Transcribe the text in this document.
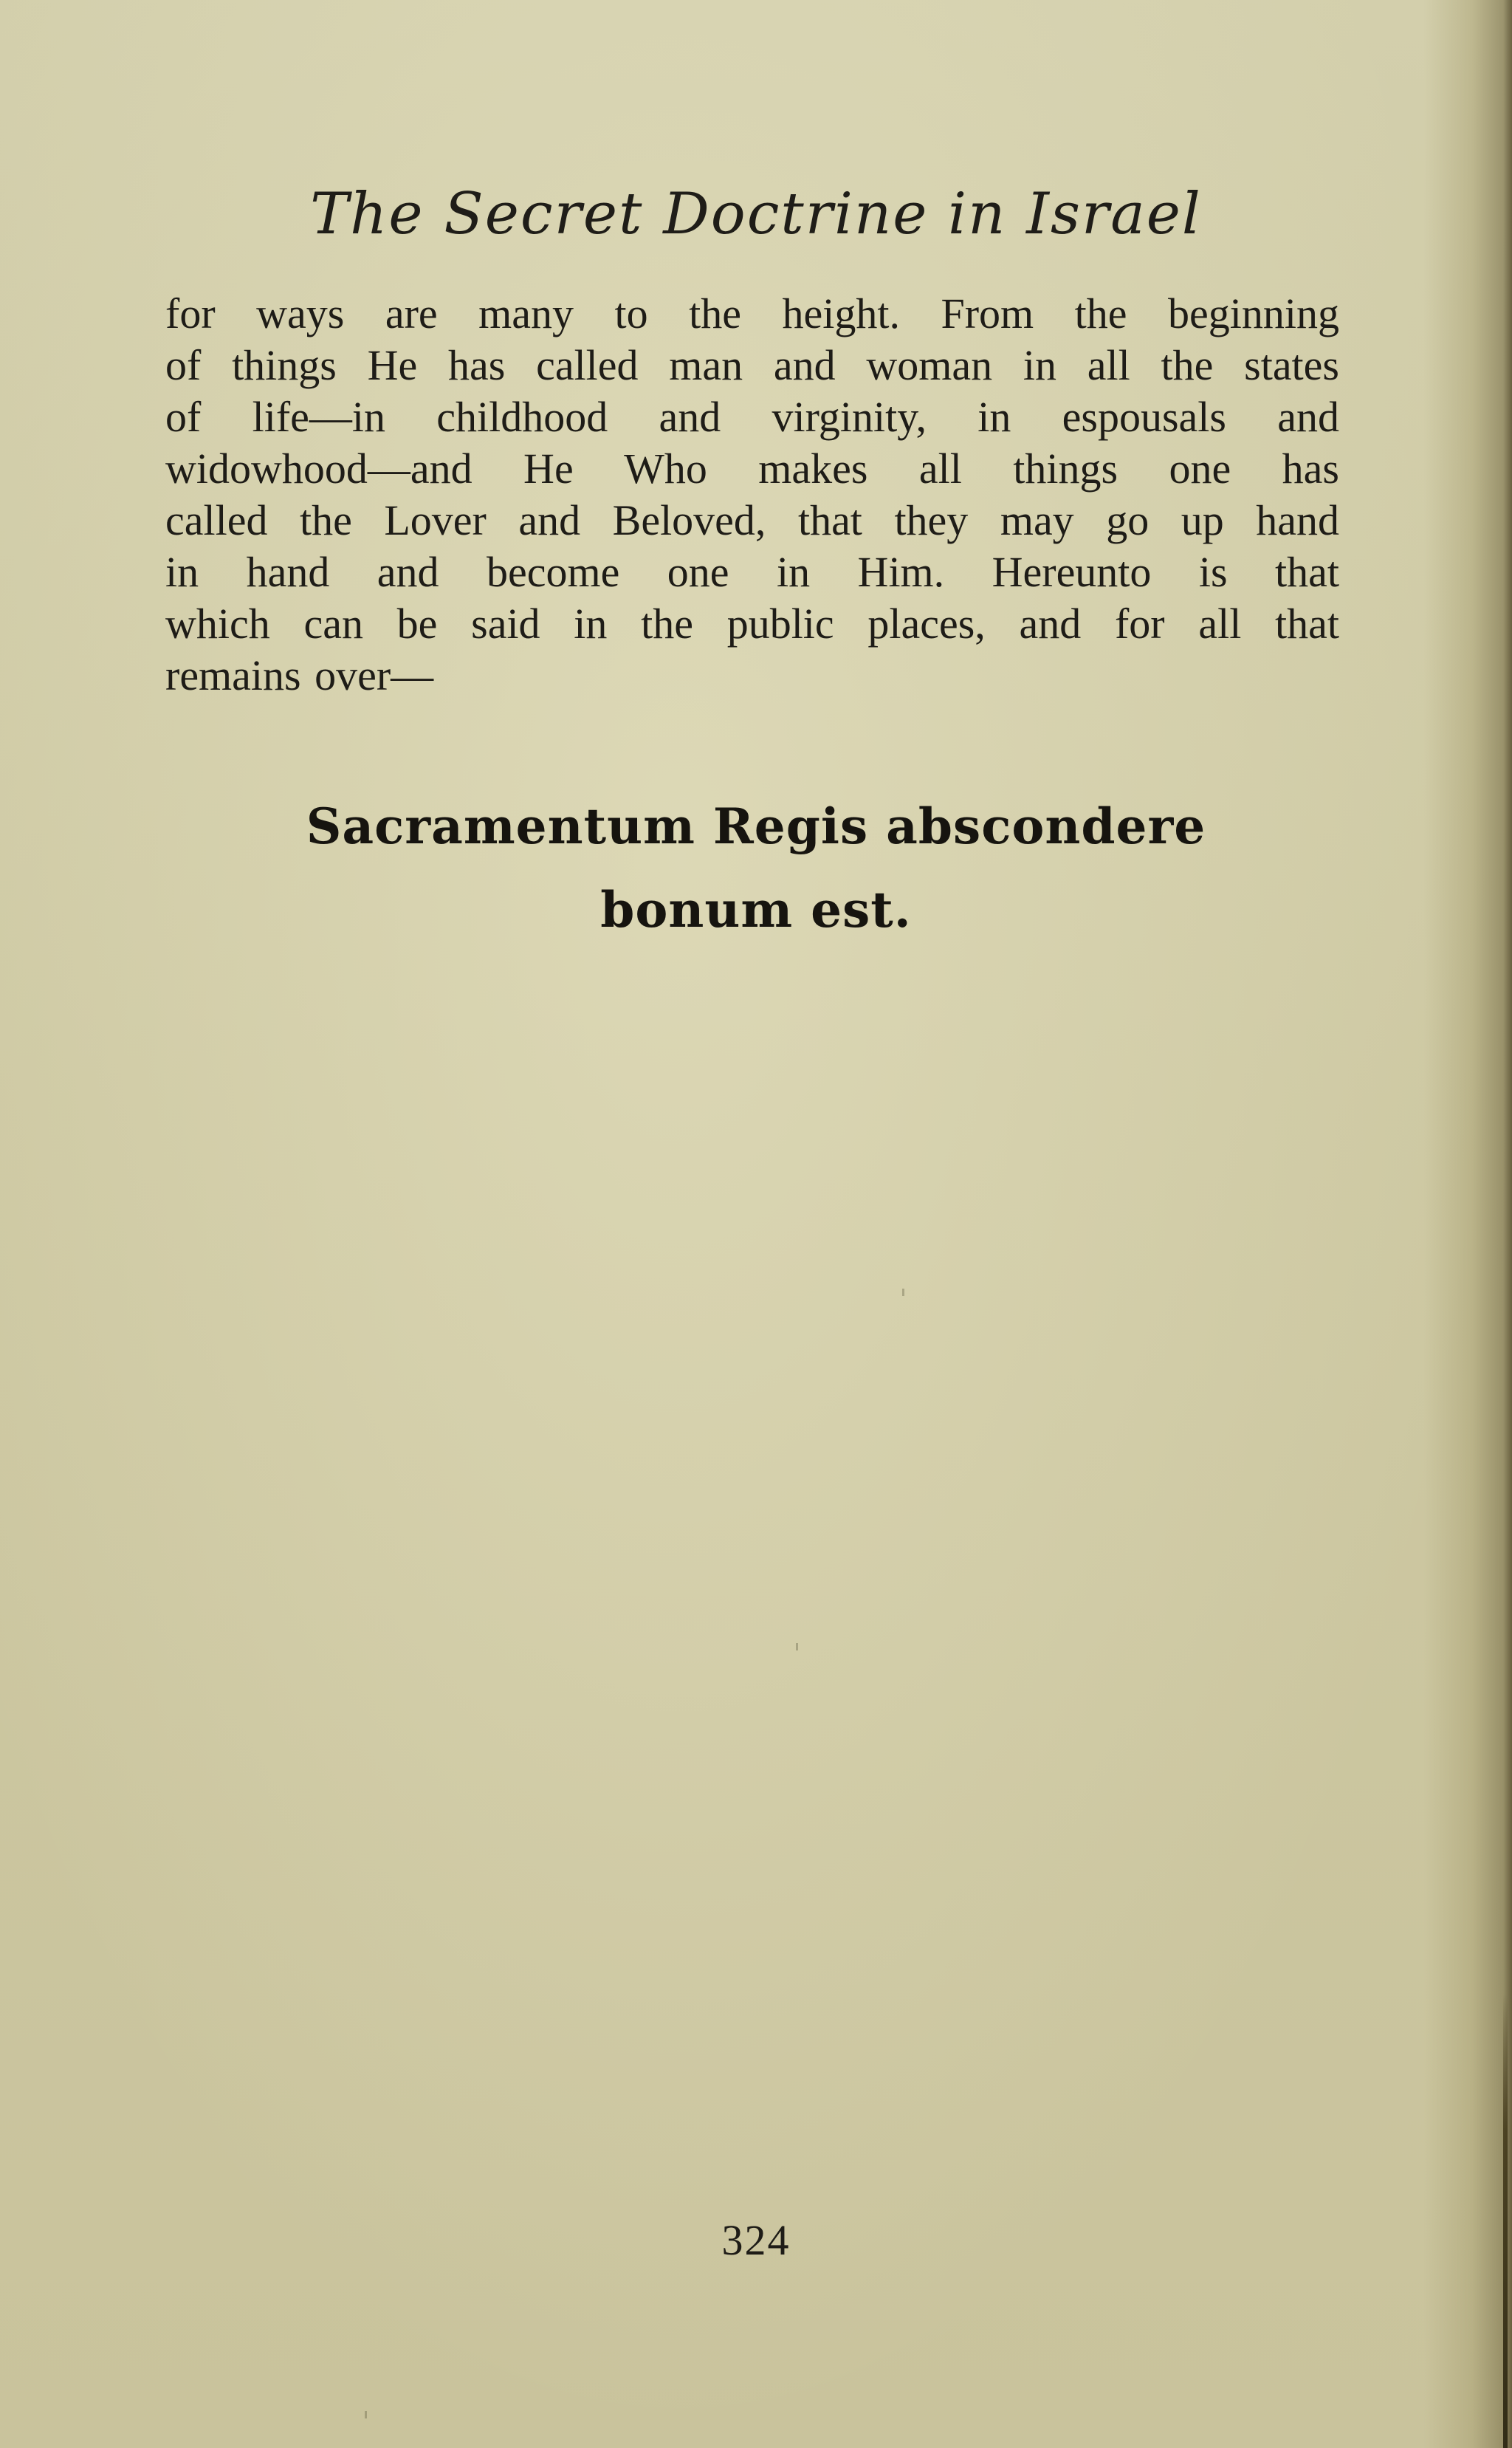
The Secret Doctrine in Israel
for ways are many to the height. From the beginning
of things He has called man and woman in all the states
of life—in childhood and virginity, in espousals and
widowhood—and He Who makes all things one has
called the Lover and Beloved, that they may go up hand
in hand and become one in Him. Hereunto is that
which can be said in the public places, and for all that
remains over—
Sacramentum Regis abscondere
bonum est.
324
